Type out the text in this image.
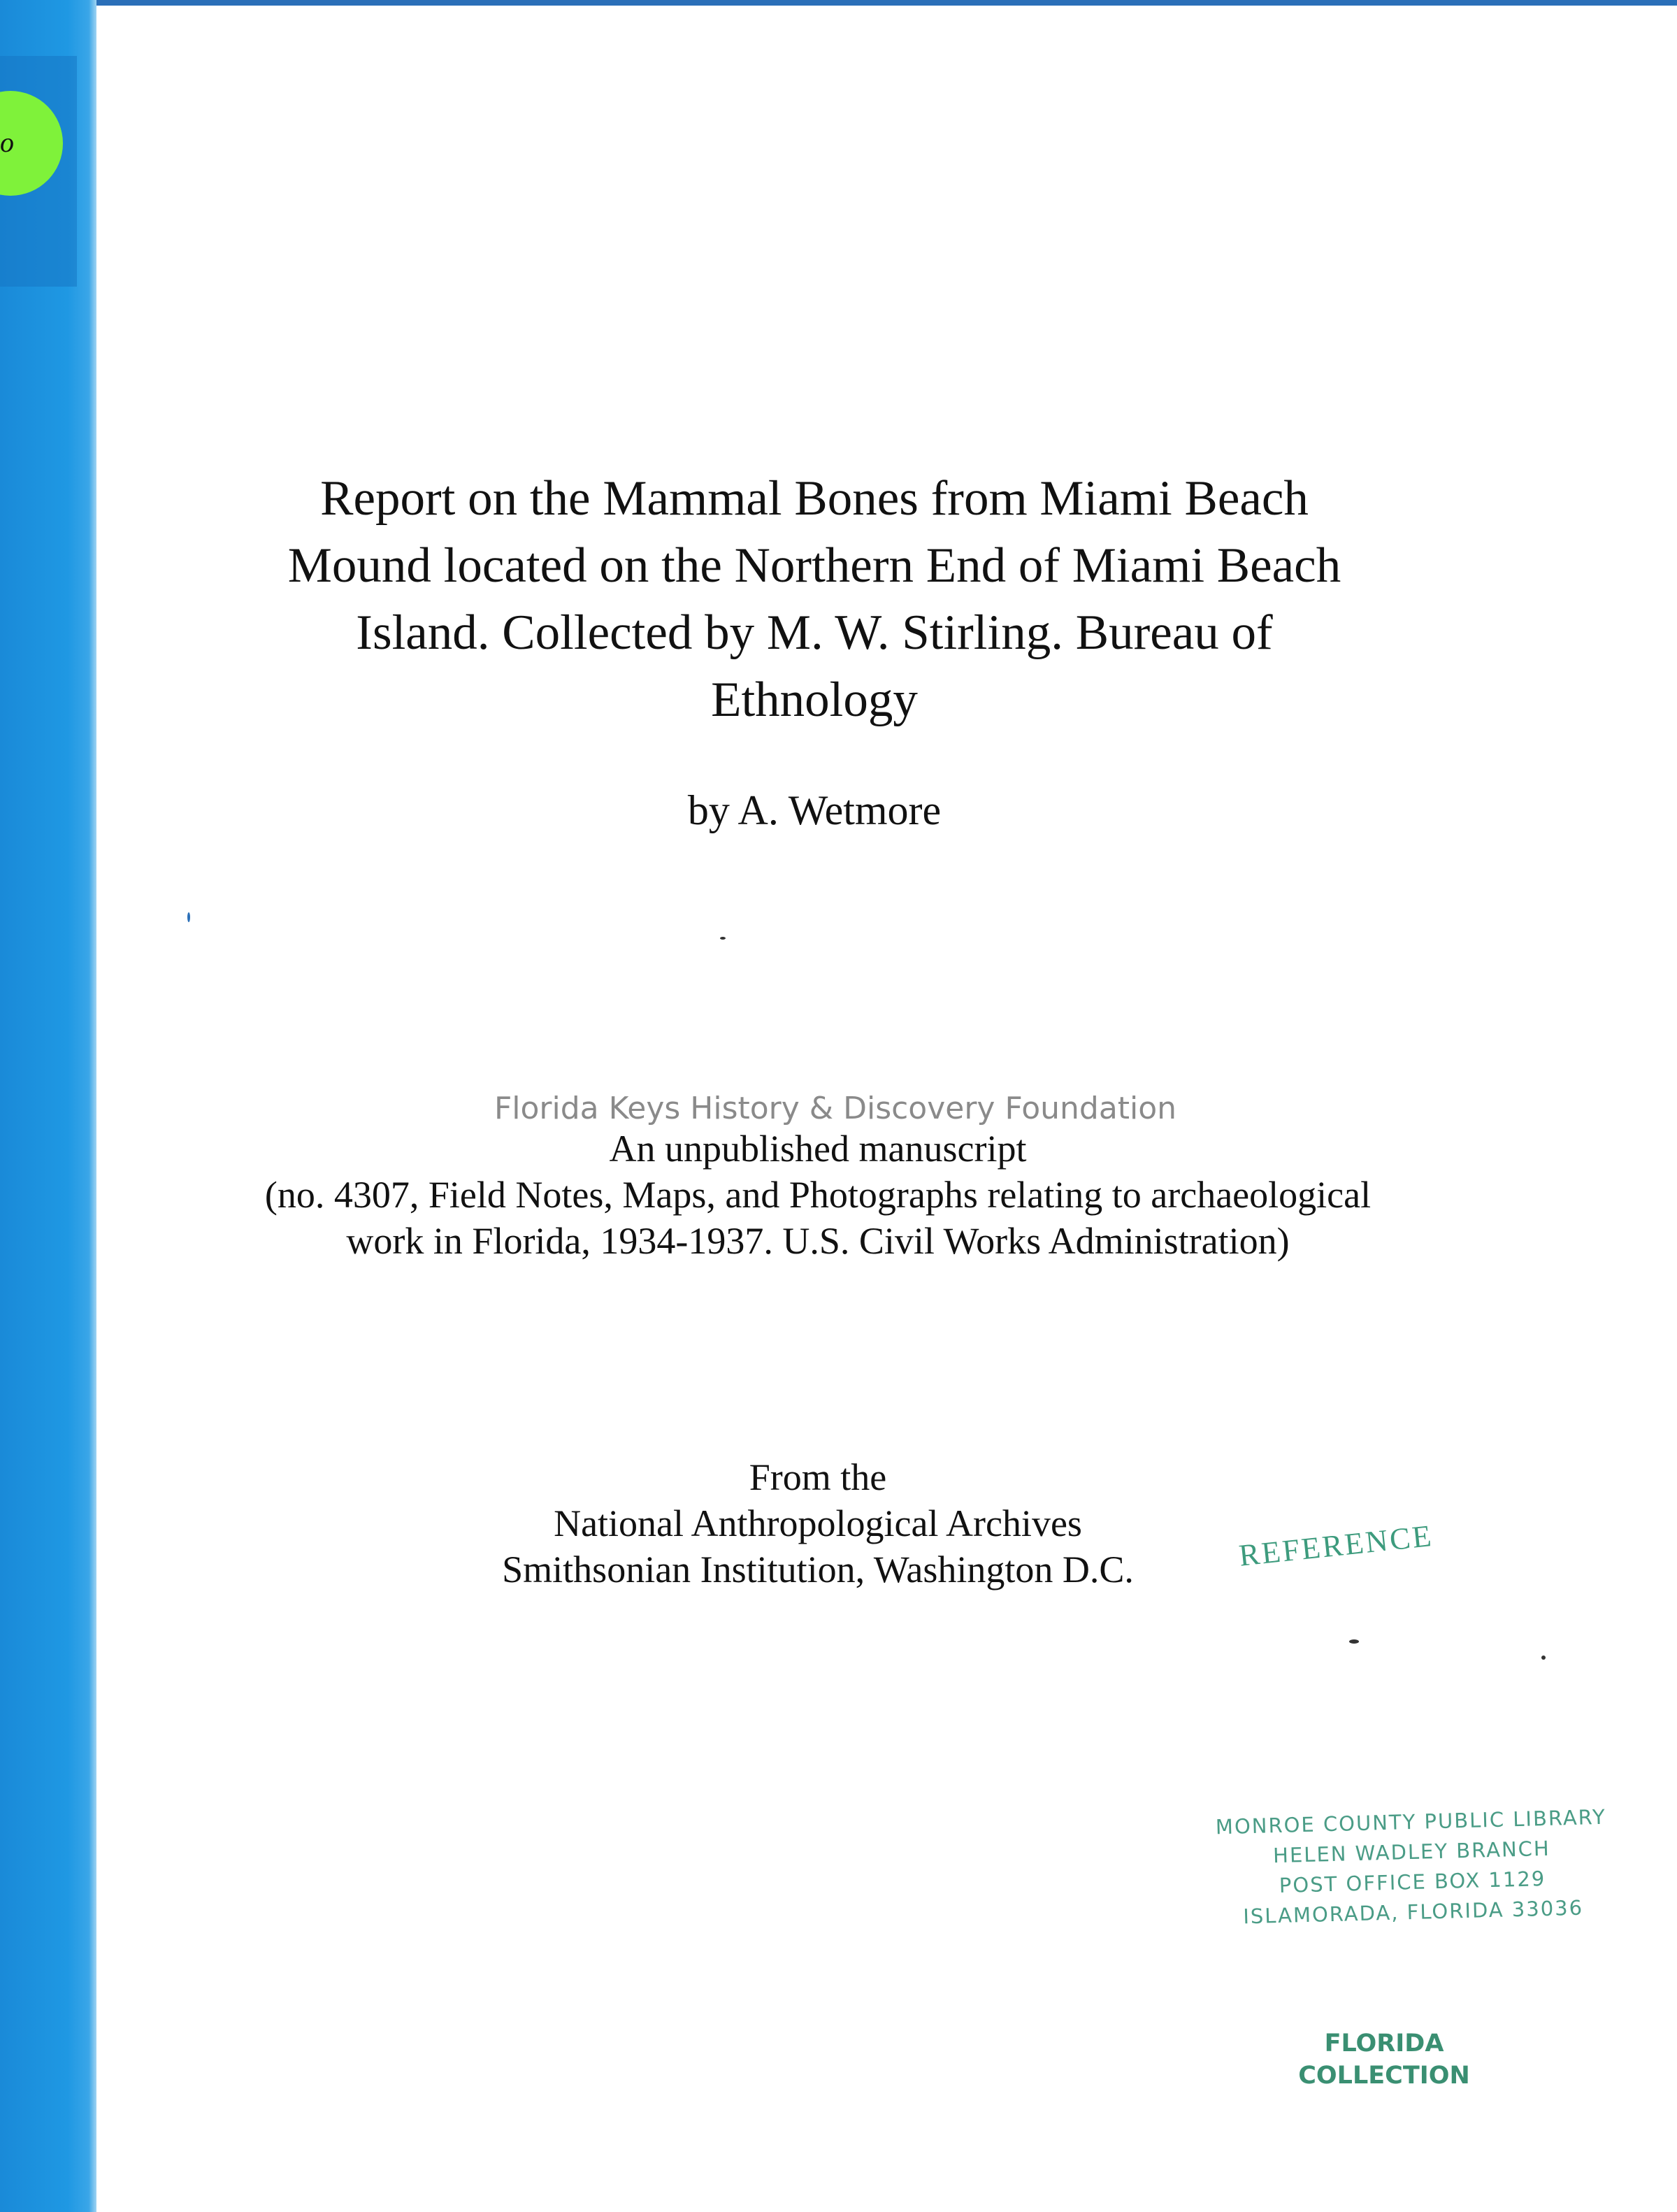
o

Report on the Mammal Bones from Miami Beach
Mound located on the Northern End of Miami Beach
Island. Collected by M. W. Stirling. Bureau of
Ethnology
by A. Wetmore
Florida Keys History & Discovery Foundation
An unpublished manuscript
(no. 4307, Field Notes, Maps, and Photographs relating to archaeological
work in Florida, 1934-1937. U.S. Civil Works Administration)
From the
National Anthropological Archives
Smithsonian Institution, Washington D.C.	REFERENCE
MONROE COUNTY PUBLIC LIBRARY
HELEN WADLEY BRANCH
POST OFFICE BOX 1129
ISLAMORADA, FLORIDA 33036
FLORIDA
COLLECTION
